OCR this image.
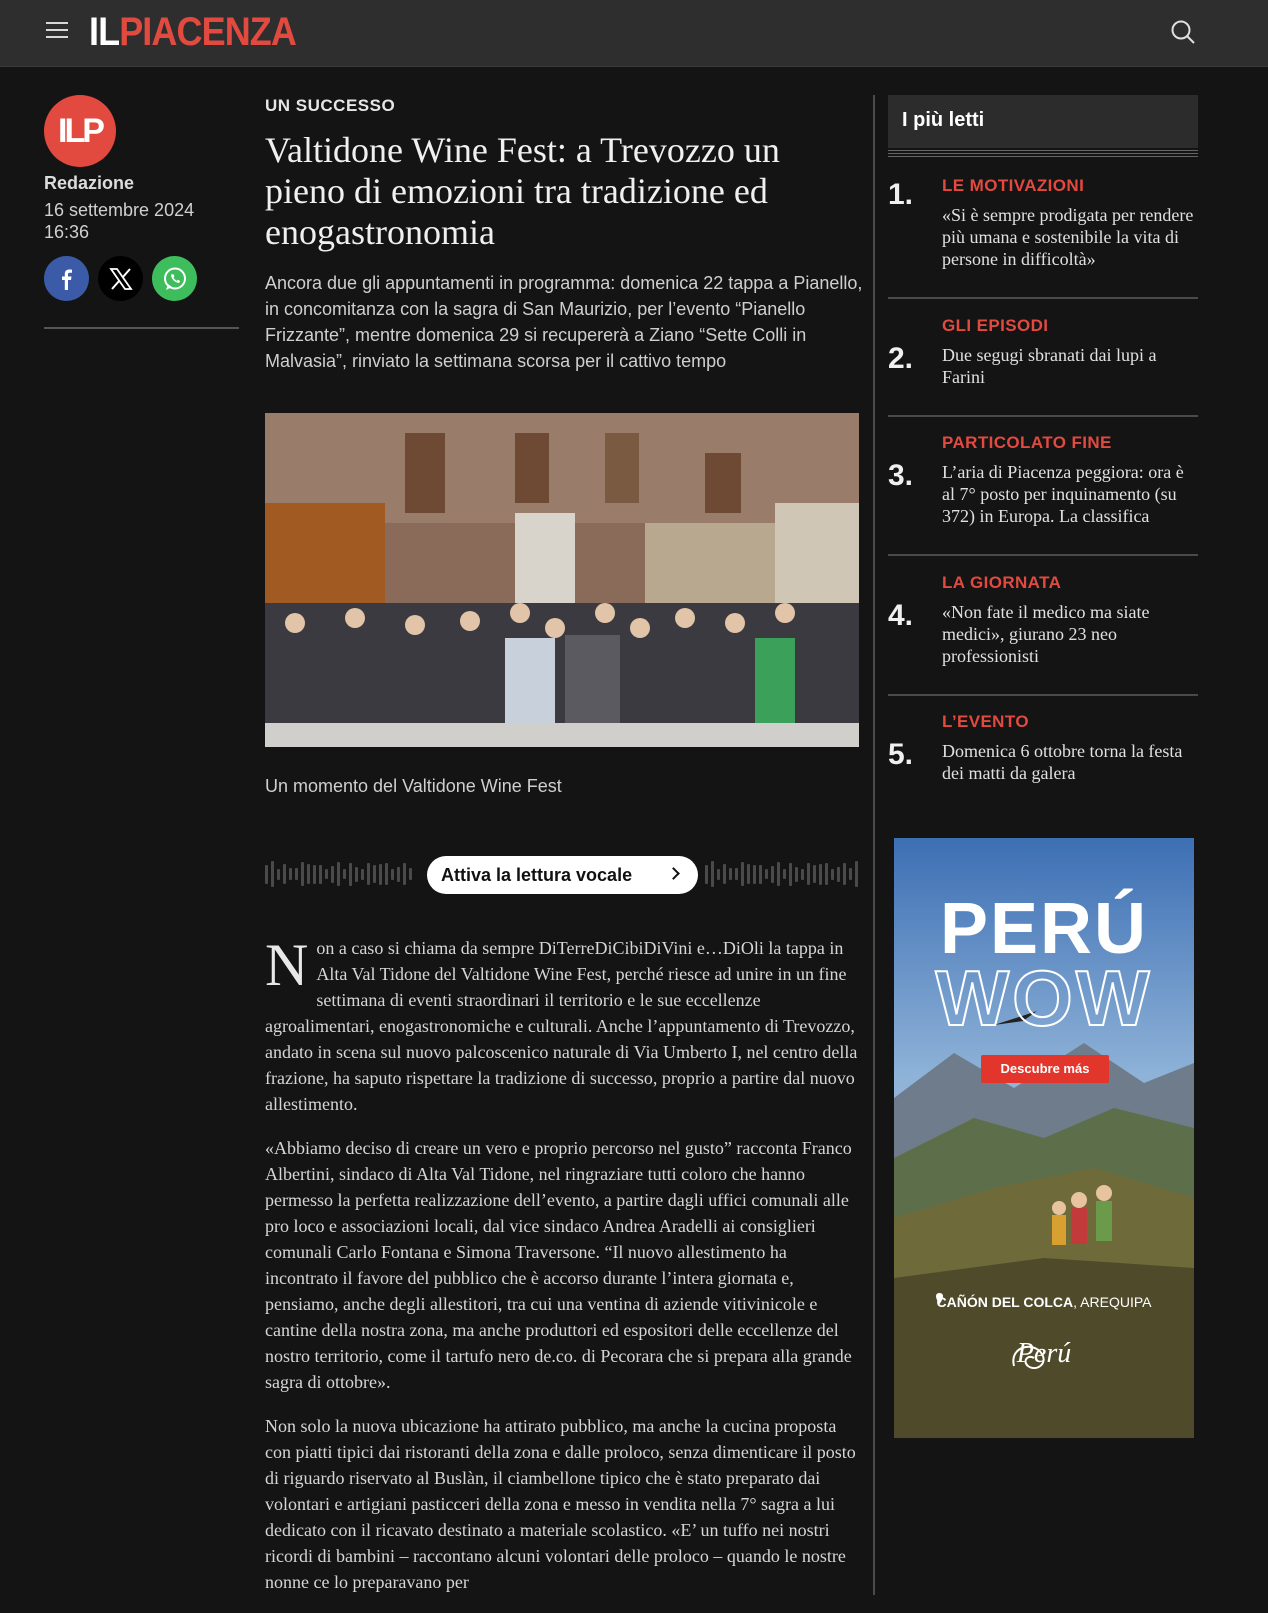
ILPIACENZA
ILP
Redazione
16 settembre 2024
16:36
UN SUCCESSO
Valtidone Wine Fest: a Trevozzo un pieno di emozioni tra tradizione ed enogastronomia

Ancora due gli appuntamenti in programma: domenica 22 tappa a Pianello, in concomitanza con la sagra di San Maurizio, per l’evento “Pianello Frizzante”, mentre domenica 29 si recupererà a Ziano “Sette Colli in Malvasia”, rinviato la settimana scorsa per il cattivo tempo

Un momento del Valtidone Wine Fest
Attiva la lettura vocale

Non a caso si chiama da sempre DiTerreDiCibiDiVini e…DiOli la tappa in Alta Val Tidone del Valtidone Wine Fest, perché riesce ad unire in un fine settimana di eventi straordinari il territorio e le sue eccellenze agroalimentari, enogastronomiche e culturali. Anche l’appuntamento di Trevozzo, andato in scena sul nuovo palcoscenico naturale di Via Umberto I, nel centro della frazione, ha saputo rispettare la tradizione di successo, proprio a partire dal nuovo allestimento.

«Abbiamo deciso di creare un vero e proprio percorso nel gusto” racconta Franco Albertini, sindaco di Alta Val Tidone, nel ringraziare tutti coloro che hanno permesso la perfetta realizzazione dell’evento, a partire dagli uffici comunali alle pro loco e associazioni locali, dal vice sindaco Andrea Aradelli ai consiglieri comunali Carlo Fontana e Simona Traversone. “Il nuovo allestimento ha incontrato il favore del pubblico che è accorso durante l’intera giornata e, pensiamo, anche degli allestitori, tra cui una ventina di aziende vitivinicole e cantine della nostra zona, ma anche produttori ed espositori delle eccellenze del nostro territorio, come il tartufo nero de.co. di Pecorara che si prepara alla grande sagra di ottobre».

Non solo la nuova ubicazione ha attirato pubblico, ma anche la cucina proposta con piatti tipici dai ristoranti della zona e dalle proloco, senza dimenticare il posto di riguardo riservato al Buslàn, il ciambellone tipico che è stato preparato dai volontari e artigiani pasticceri della zona e messo in vendita nella 7° sagra a lui dedicato con il ricavato destinato a materiale scolastico. «E’ un tuffo nei nostri ricordi di bambini – raccontano alcuni volontari delle proloco – quando le nostre nonne ce lo preparavano per

I più letti
1. LE MOTIVAZIONI
«Si è sempre prodigata per rendere più umana e sostenibile la vita di persone in difficoltà»
2.
GLI EPISODI
Due segugi sbranati dai lupi a Farini
3.
PARTICOLATO FINE
L’aria di Piacenza peggiora: ora è al 7° posto per inquinamento (su 372) in Europa. La classifica
4.
LA GIORNATA
«Non fate il medico ma siate medici», giurano 23 neo professionisti
5.
L’EVENTO
Domenica 6 ottobre torna la festa dei matti da galera
PERÚ
WOW
Descubre más
CAÑÓN DEL COLCA, AREQUIPA
Perú
